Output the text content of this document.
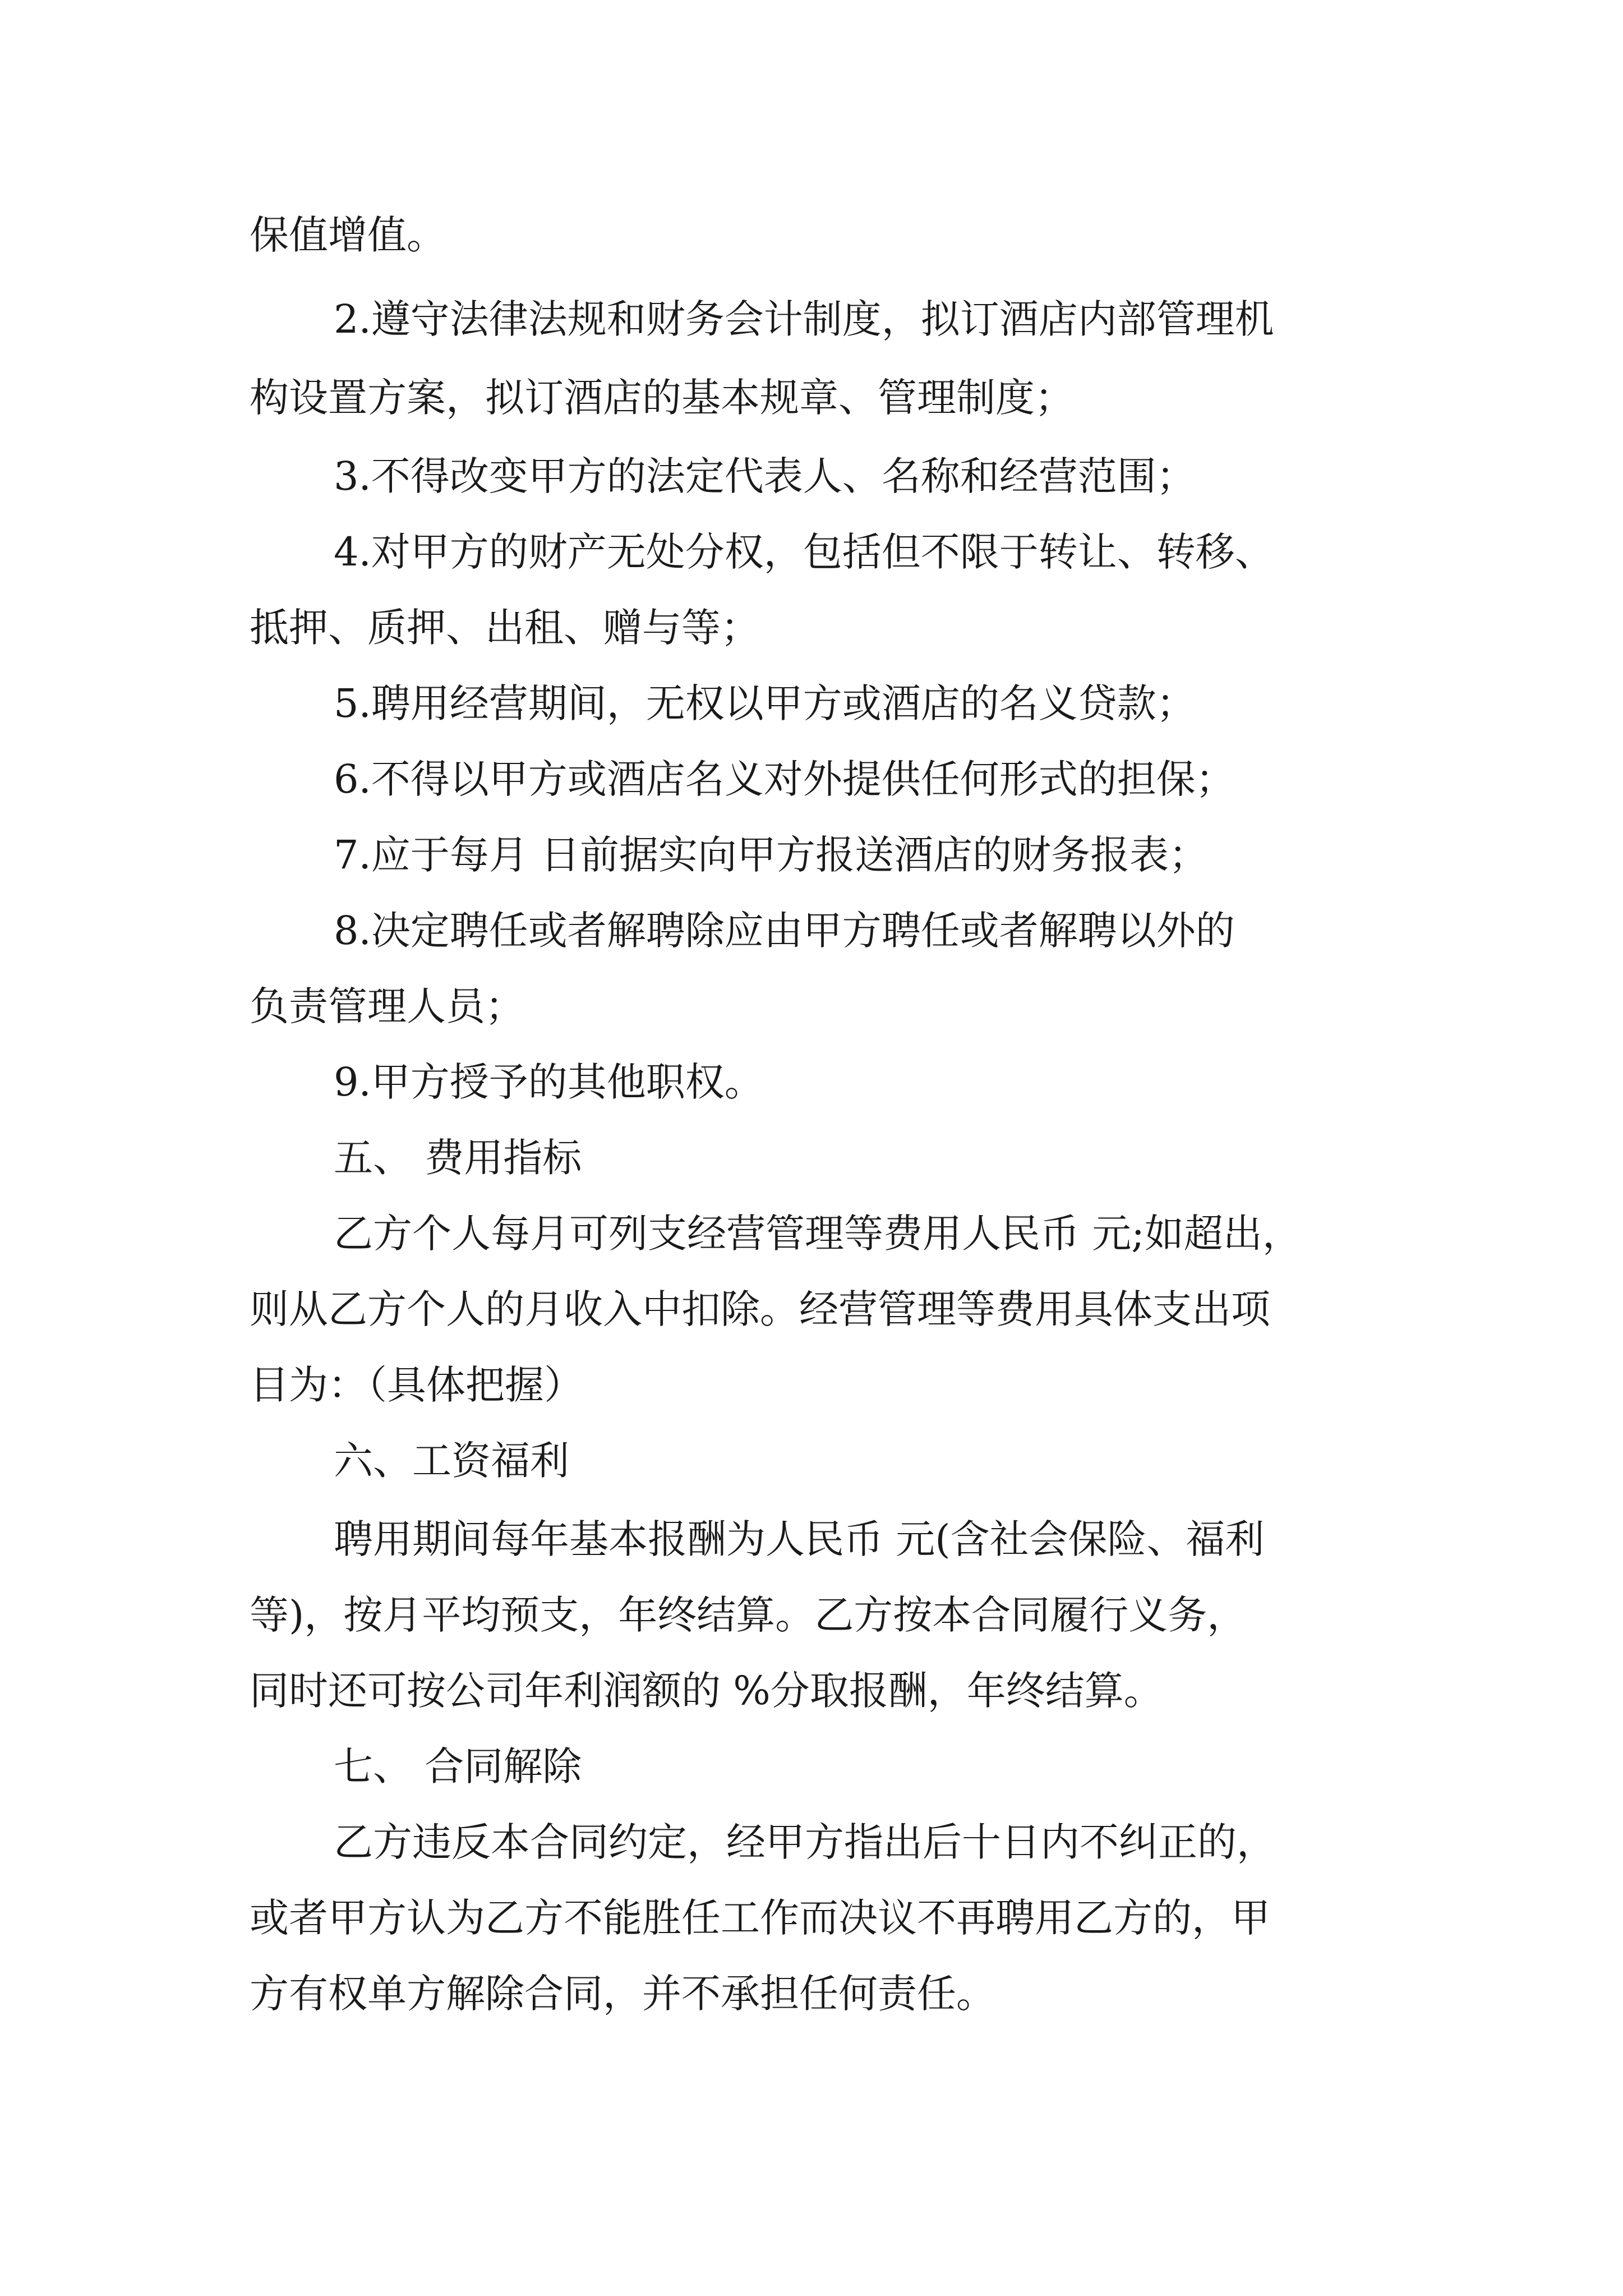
保值增值。
2.遵守法律法规和财务会计制度，拟订酒店内部管理机
构设置方案，拟订酒店的基本规章、管理制度；
3.不得改变甲方的法定代表人、名称和经营范围；
4.对甲方的财产无处分权，包括但不限于转让、转移、
抵押、质押、出租、赠与等；
5.聘用经营期间，无权以甲方或酒店的名义贷款；
6.不得以甲方或酒店名义对外提供任何形式的担保；
7.应于每月 日前据实向甲方报送酒店的财务报表；
8.决定聘任或者解聘除应由甲方聘任或者解聘以外的
负责管理人员；
9.甲方授予的其他职权。
五、 费用指标
乙方个人每月可列支经营管理等费用人民币 元;如超出，
则从乙方个人的月收入中扣除。经营管理等费用具体支出项
目为：（具体把握）
六、工资福利
聘用期间每年基本报酬为人民币 元(含社会保险、福利
等)，按月平均预支，年终结算。乙方按本合同履行义务，
同时还可按公司年利润额的 %分取报酬，年终结算。
七、 合同解除
乙方违反本合同约定，经甲方指出后十日内不纠正的，
或者甲方认为乙方不能胜任工作而决议不再聘用乙方的，甲
方有权单方解除合同，并不承担任何责任。
